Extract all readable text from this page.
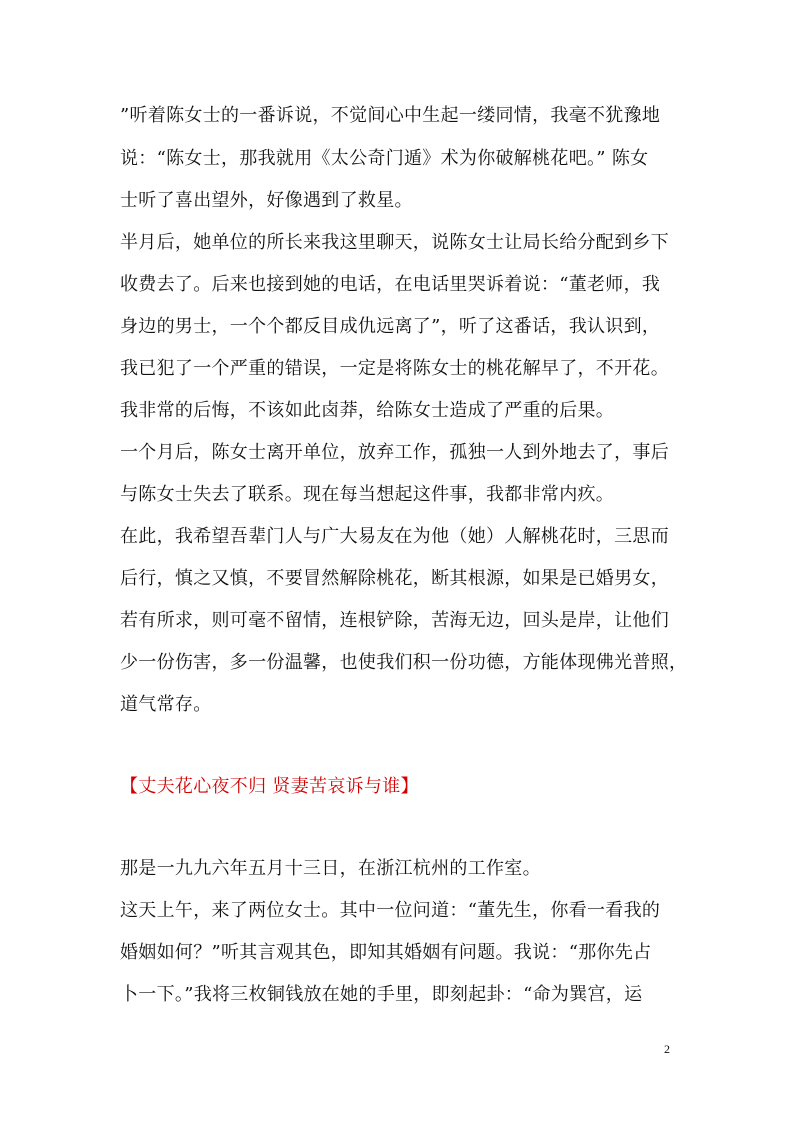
”听着陈女士的一番诉说，不觉间心中生起一缕同情，我毫不犹豫地
说：“陈女士，那我就用《太公奇门遁》术为你破解桃花吧。” 陈女
士听了喜出望外，好像遇到了救星。
半月后，她单位的所长来我这里聊天，说陈女士让局长给分配到乡下
收费去了。后来也接到她的电话，在电话里哭诉着说：“董老师，我
身边的男士，一个个都反目成仇远离了”，听了这番话，我认识到，
我已犯了一个严重的错误，一定是将陈女士的桃花解早了，不开花。
我非常的后悔，不该如此卤莽，给陈女士造成了严重的后果。
一个月后，陈女士离开单位，放弃工作，孤独一人到外地去了，事后
与陈女士失去了联系。现在每当想起这件事，我都非常内疚。
在此，我希望吾辈门人与广大易友在为他（她）人解桃花时，三思而
后行，慎之又慎，不要冒然解除桃花，断其根源，如果是已婚男女，
若有所求，则可毫不留情，连根铲除，苦海无边，回头是岸，让他们
少一份伤害，多一份温馨，也使我们积一份功德，方能体现佛光普照，
道气常存。
【丈夫花心夜不归 贤妻苦哀诉与谁】
那是一九九六年五月十三日，在浙江杭州的工作室。
这天上午，来了两位女士。其中一位问道：“董先生，你看一看我的
婚姻如何？”听其言观其色，即知其婚姻有问题。我说：“那你先占
卜一下。”我将三枚铜钱放在她的手里，即刻起卦：“命为巽宫，运
2
